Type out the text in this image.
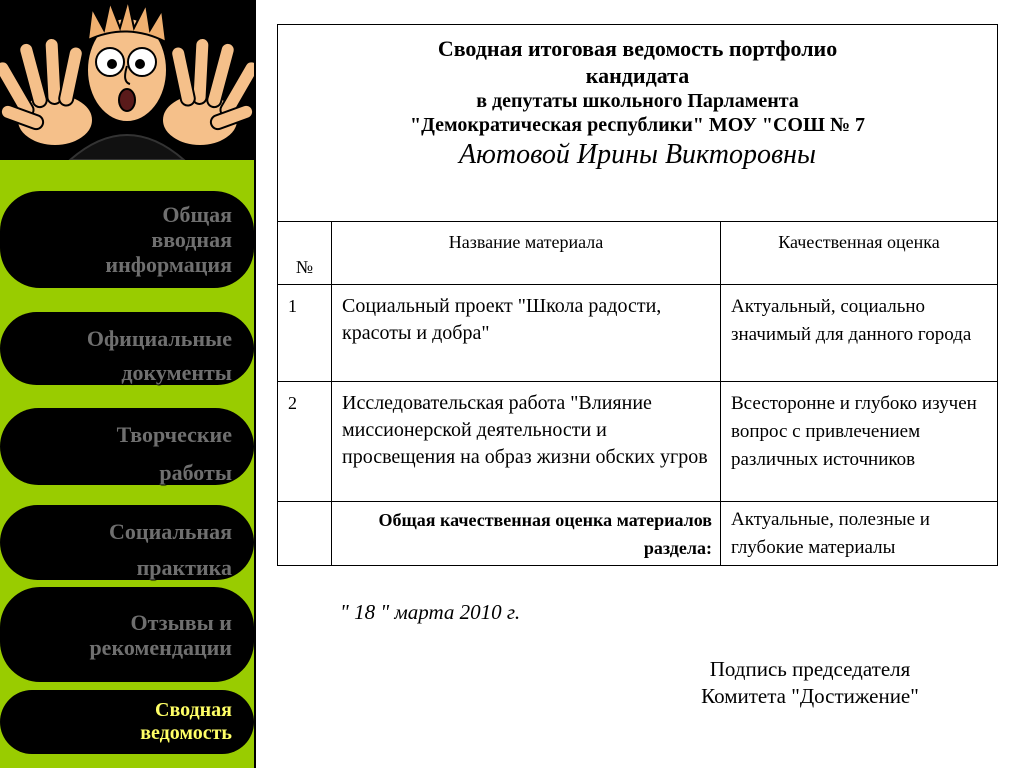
Общая
вводная
информация
Официальные
документы
Творческие
работы
Социальная
практика
Отзывы и
рекомендации
Сводная
ведомость
Сводная итоговая ведомость портфолио
кандидата
в депутаты школьного Парламента
"Демократическая республики" МОУ "СОШ № 7
Аютовой Ирины Викторовны		

№	Название материала	Качественная оценка
1	Социальный проект "Школа радости, красоты и добра"	Актуальный, социально значимый для данного города
2	Исследовательская работа "Влияние миссионерской деятельности и просвещения на образ жизни обских угров	Всесторонне и глубоко изучен вопрос с привлечением различных источников
	Общая качественная оценка материалов раздела:	Актуальные, полезные и глубокие материалы
" 18 " марта 2010 г.
Подпись председателя
Комитета "Достижение"
